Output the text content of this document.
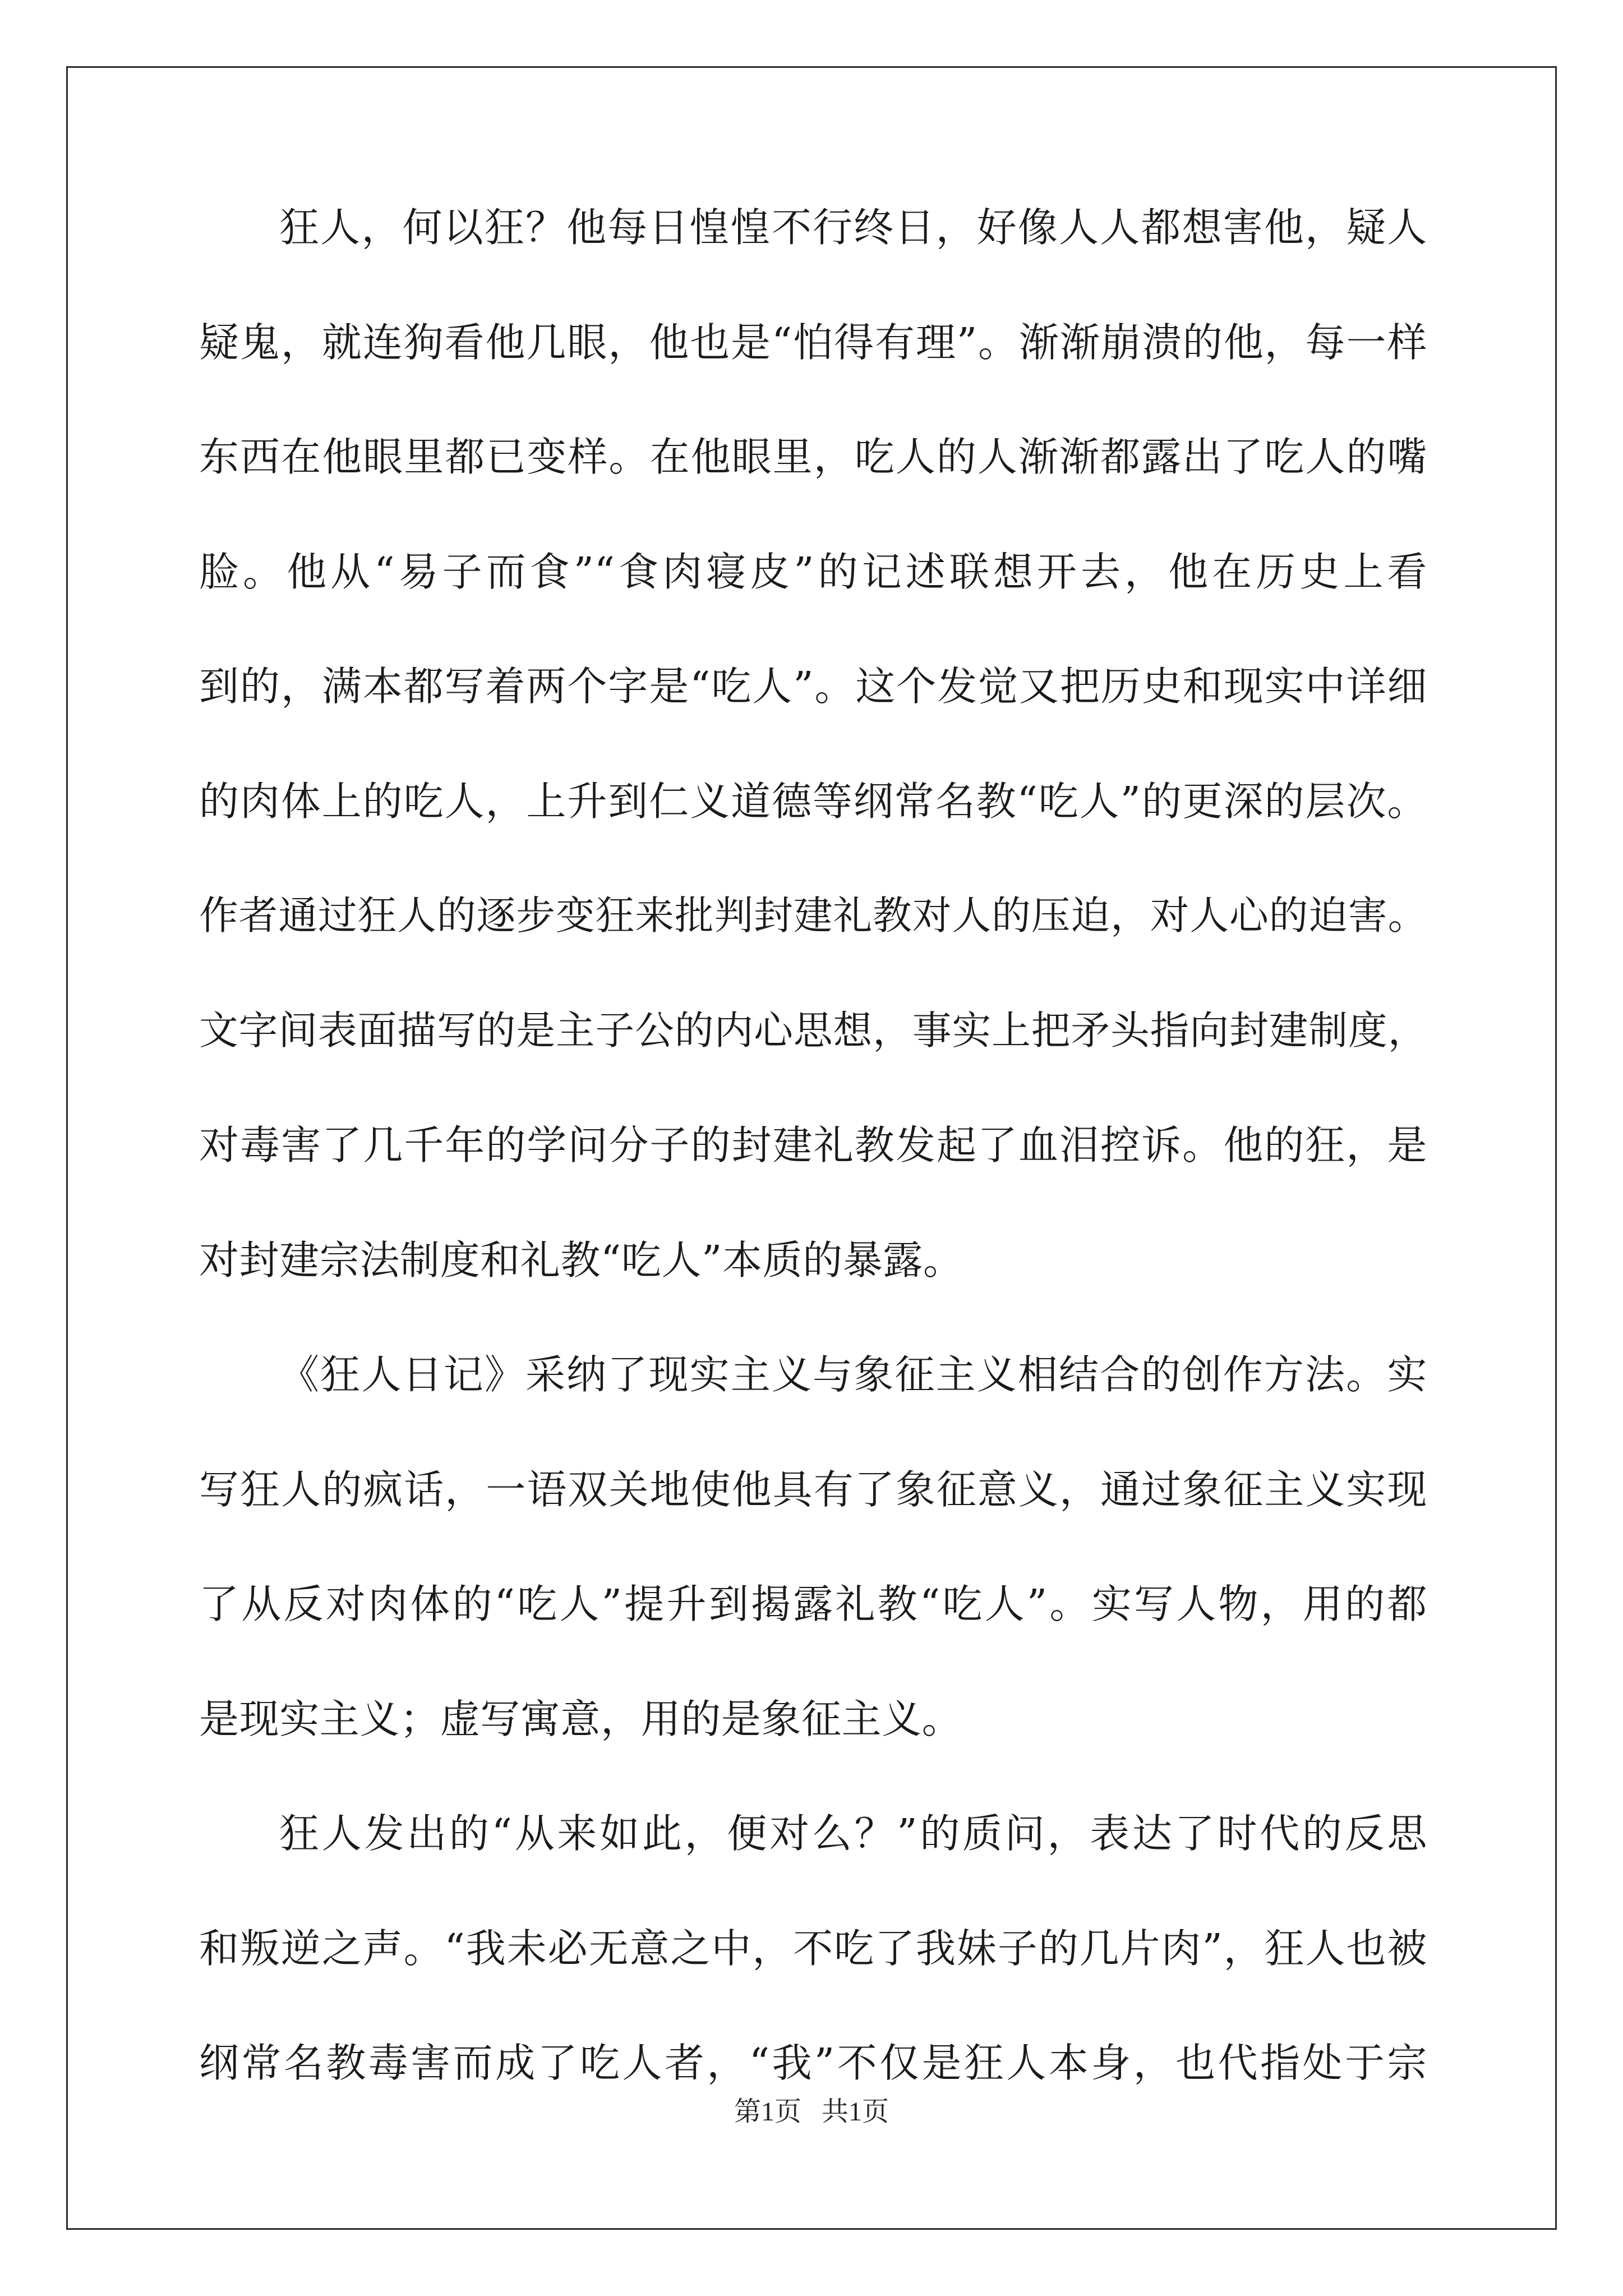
狂人，何以狂？他每日惶惶不行终日，好像人人都想害他，疑人
疑鬼，就连狗看他几眼，他也是“怕得有理”。渐渐崩溃的他，每一样
东西在他眼里都已变样。在他眼里，吃人的人渐渐都露出了吃人的嘴
脸。他从“易子而食”“食肉寝皮”的记述联想开去，他在历史上看
到的，满本都写着两个字是“吃人”。这个发觉又把历史和现实中详细
的肉体上的吃人，上升到仁义道德等纲常名教“吃人”的更深的层次。
作者通过狂人的逐步变狂来批判封建礼教对人的压迫，对人心的迫害。
文字间表面描写的是主子公的内心思想，事实上把矛头指向封建制度，
对毒害了几千年的学问分子的封建礼教发起了血泪控诉。他的狂，是
对封建宗法制度和礼教“吃人”本质的暴露。
《狂人日记》采纳了现实主义与象征主义相结合的创作方法。实
写狂人的疯话，一语双关地使他具有了象征意义，通过象征主义实现
了从反对肉体的“吃人”提升到揭露礼教“吃人”。实写人物，用的都
是现实主义；虚写寓意，用的是象征主义。
狂人发出的“从来如此，便对么？”的质问，表达了时代的反思
和叛逆之声。“我未必无意之中，不吃了我妹子的几片肉”，狂人也被
纲常名教毒害而成了吃人者，“我”不仅是狂人本身，也代指处于宗
第1页   共1页
